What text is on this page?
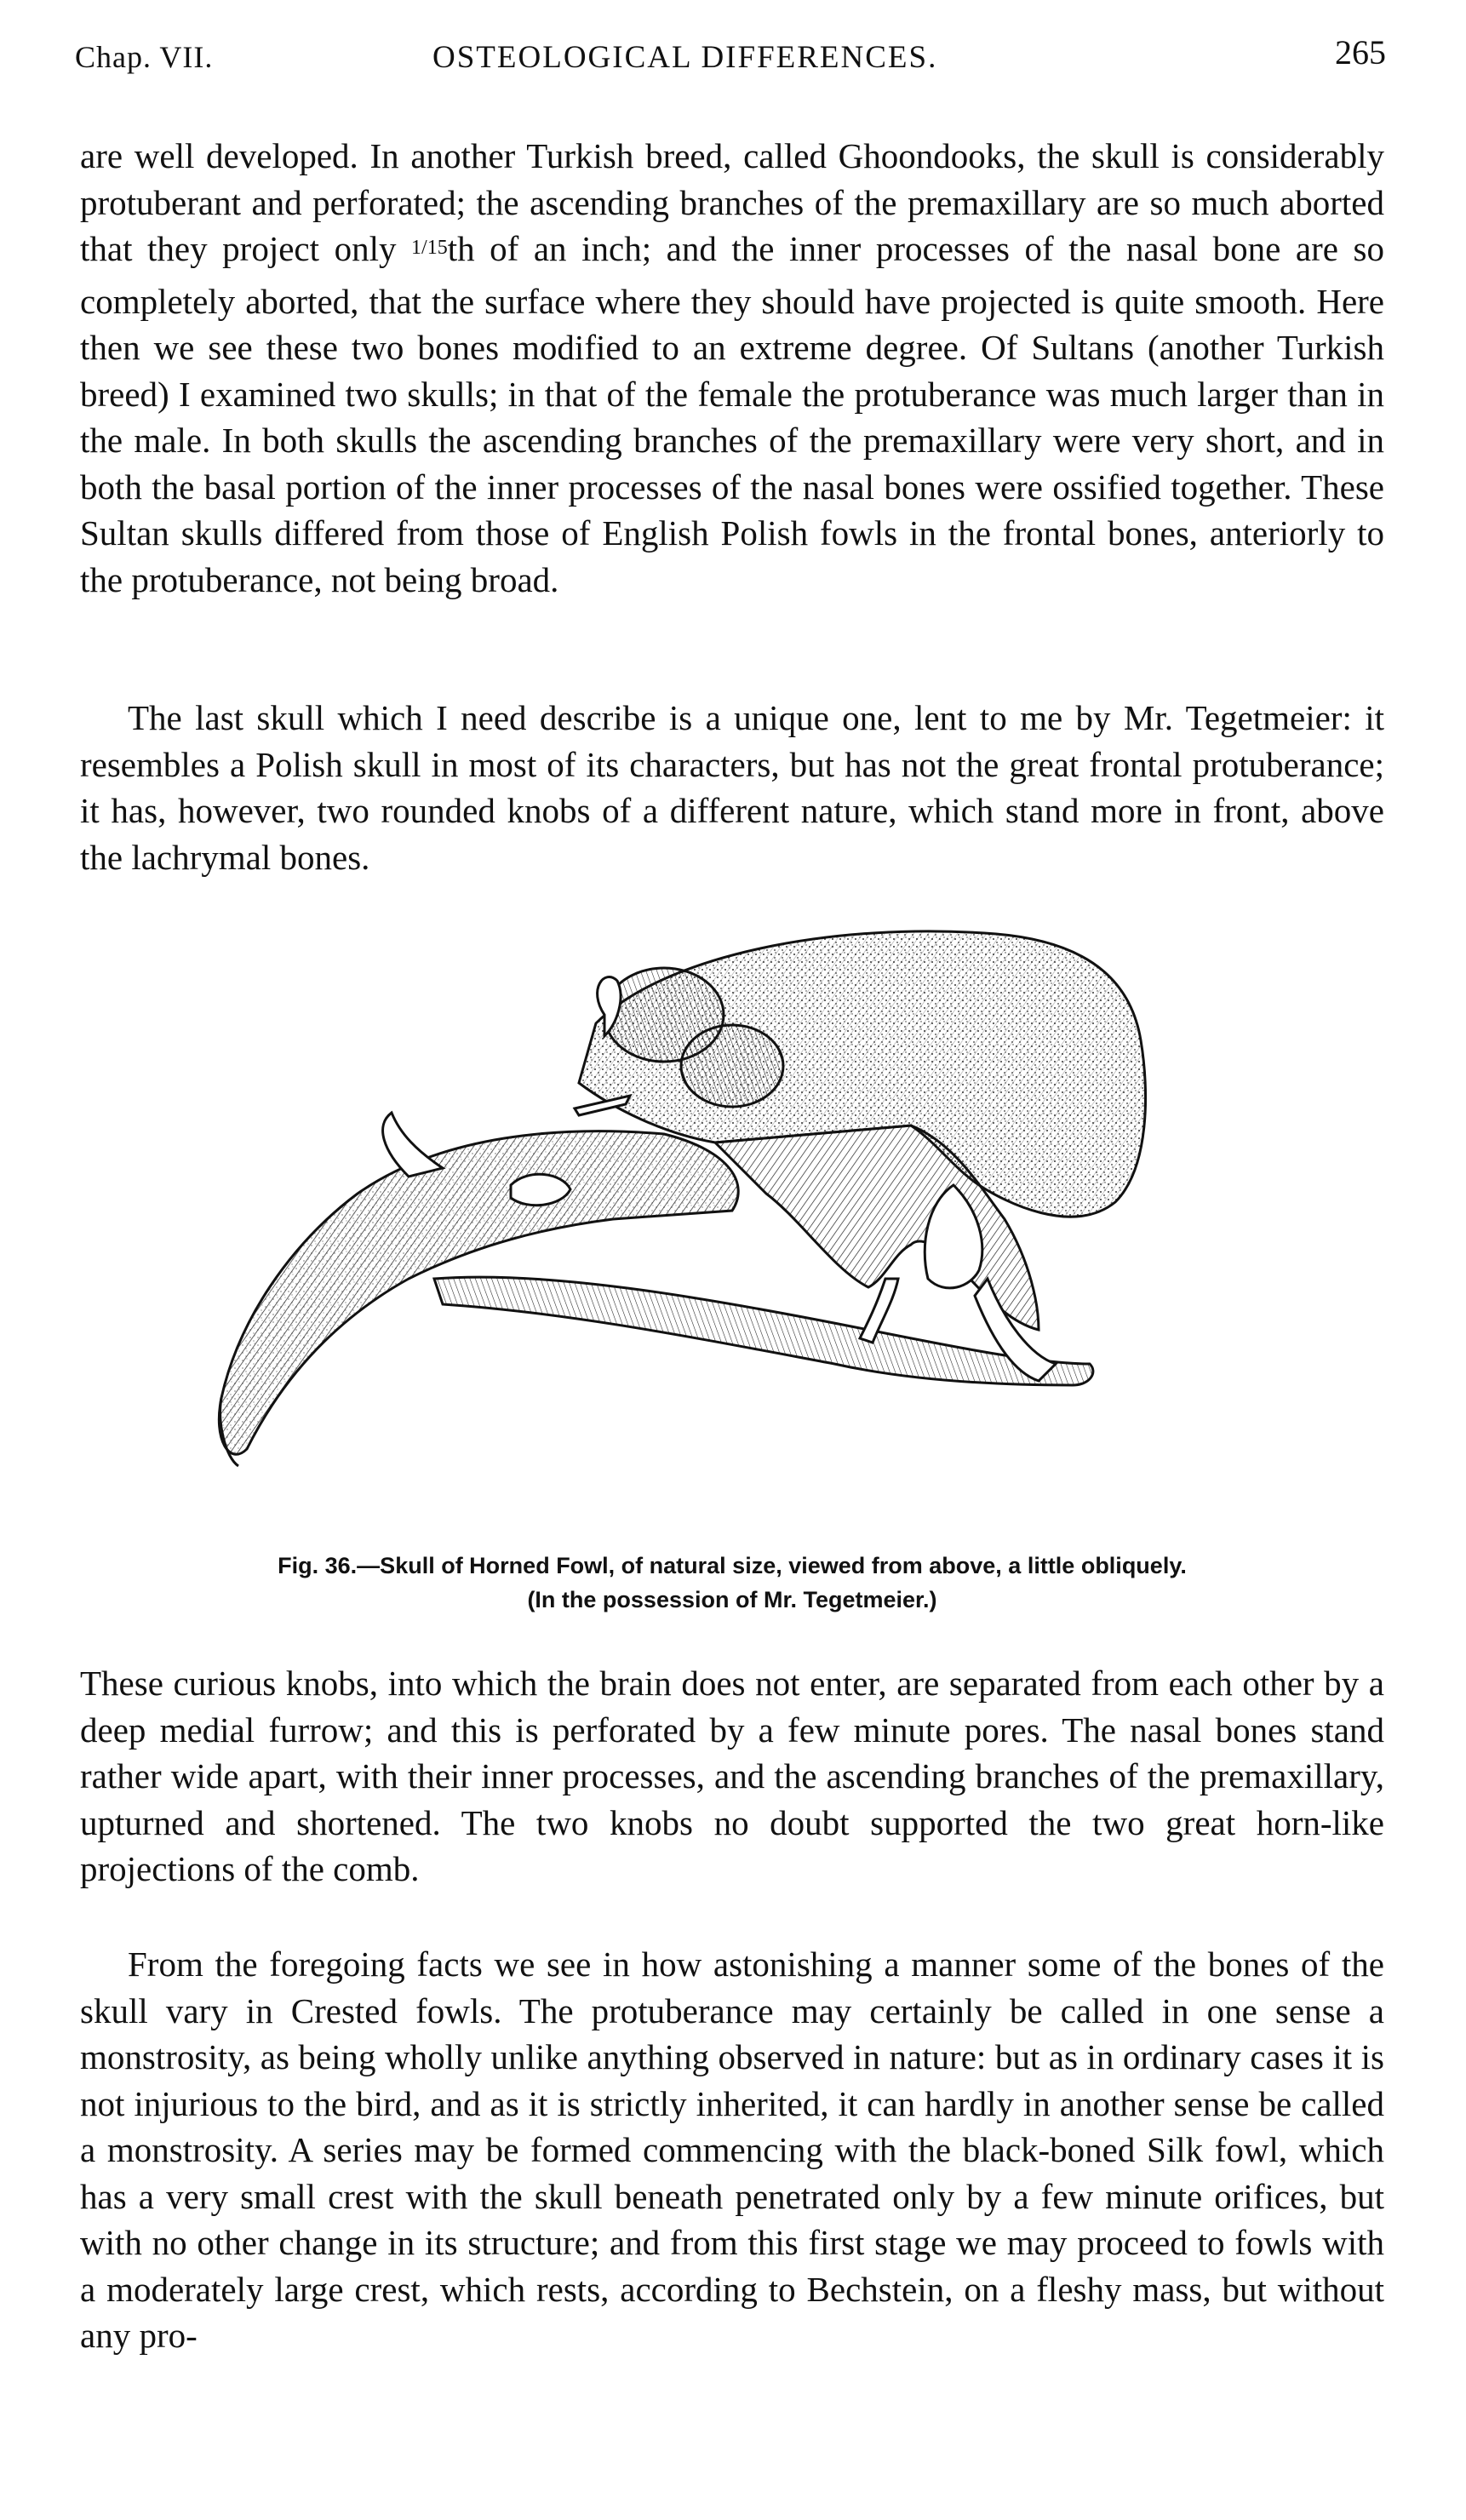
Chap. VII.	OSTEOLOGICAL DIFFERENCES.	265

are well developed. In another Turkish breed, called Ghoondooks, the skull is considerably protuberant and perforated; the ascending branches of the premaxillary are so much aborted that they project only 1/15th of an inch; and the inner processes of the nasal bone are so completely aborted, that the surface where they should have projected is quite smooth. Here then we see these two bones modified to an extreme degree. Of Sultans (another Turkish breed) I examined two skulls; in that of the female the protuberance was much larger than in the male. In both skulls the ascending branches of the premaxillary were very short, and in both the basal portion of the inner processes of the nasal bones were ossified together. These Sultan skulls differed from those of English Polish fowls in the frontal bones, anteriorly to the protuberance, not being broad.

The last skull which I need describe is a unique one, lent to me by Mr. Tegetmeier: it resembles a Polish skull in most of its characters, but has not the great frontal protuberance; it has, however, two rounded knobs of a different nature, which stand more in front, above the lachrymal bones.

Fig. 36.—Skull of Horned Fowl, of natural size, viewed from above, a little obliquely.
(In the possession of Mr. Tegetmeier.)

These curious knobs, into which the brain does not enter, are separated from each other by a deep medial furrow; and this is perforated by a few minute pores. The nasal bones stand rather wide apart, with their inner processes, and the ascending branches of the premaxillary, upturned and shortened. The two knobs no doubt supported the two great horn-like projections of the comb.

From the foregoing facts we see in how astonishing a manner some of the bones of the skull vary in Crested fowls. The protuberance may certainly be called in one sense a monstrosity, as being wholly unlike anything observed in nature: but as in ordinary cases it is not injurious to the bird, and as it is strictly inherited, it can hardly in another sense be called a monstrosity. A series may be formed commencing with the black-boned Silk fowl, which has a very small crest with the skull beneath penetrated only by a few minute orifices, but with no other change in its structure; and from this first stage we may proceed to fowls with a moderately large crest, which rests, according to Bechstein, on a fleshy mass, but without any pro-
